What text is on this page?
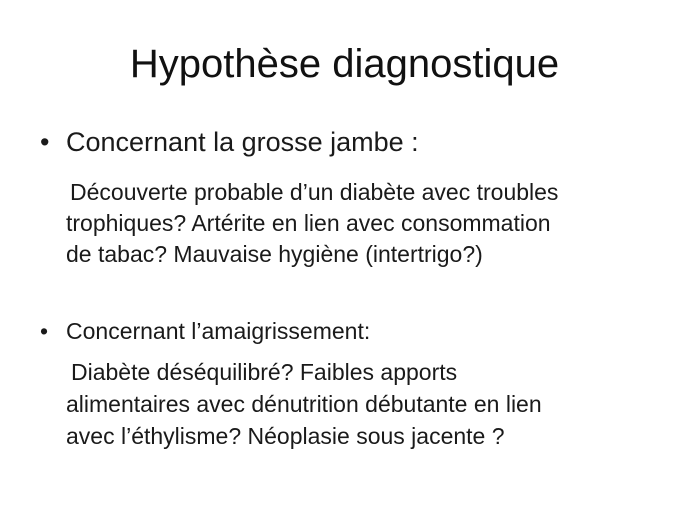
Hypothèse diagnostique
• Concernant la grosse jambe :
Découverte probable d’un diabète avec troubles
trophiques? Artérite en lien avec consommation
de tabac? Mauvaise hygiène (intertrigo?)
• Concernant l’amaigrissement:
Diabète déséquilibré? Faibles apports
alimentaires avec dénutrition débutante en lien
avec l’éthylisme? Néoplasie sous jacente ?
